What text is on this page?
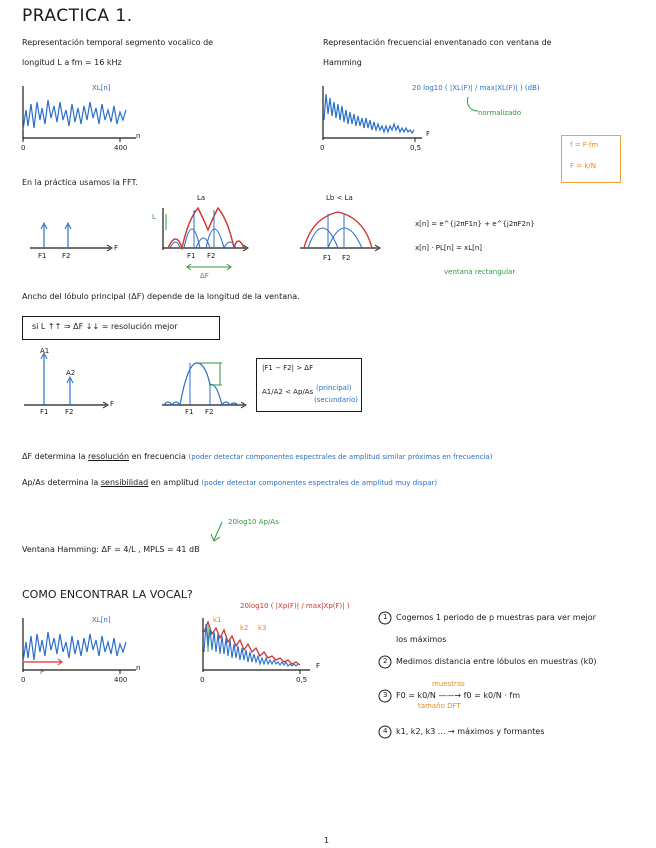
PRACTICA 1.
Representación temporal segmento vocalico de
longitud L a fm = 16 kHz
Representación frecuencial enventanado con ventana de
Hamming
XL[n]
n
0	400
F
0	0,5
20 log10 ( |XL(F)| / max|XL(F)| ) (dB)
normalizado
f = F·fm
F = k/N
En la práctica usamos la FFT.
F1 F2
F
La
L
F1 F2
ΔF
Lb < La
F1 F2
x[n] = e^{j2πF1n} + e^{j2πF2n}
x[n] · PL[n] = xL[n]
ventana rectangular
Ancho del lóbulo principal (ΔF) depende de la longitud de la ventana.
si L ↑↑ ⇒ ΔF ↓↓ = resolución mejor
A1
A2
F1 F2
F
F1 F2
|F1 − F2| > ΔF
A1/A2 < Ap/As (principal)
(secundario)
ΔF determina la resolución en frecuencia (poder detectar componentes espectrales de amplitud similar próximas en frecuencia)
Ap/As determina la sensibilidad en amplitud (poder detectar componentes espectrales de amplitud muy dispar)
20log10 Ap/As
Ventana Hamming: ΔF = 4/L , MPLS = 41 dB
COMO ENCONTRAR LA VOCAL?
XL[n]
P	n
0	400
20log10 ( |Xp(F)| / max|Xp(F)| )
k1
k2 k3
F
0	0,5
1 Cogemos 1 periodo de p muestras para ver mejor
los máximos
2 Medimos distancia entre lóbulos en muestras (k0)
3 F0 = k0/N ——→ f0 = k0/N · fm
muestras
tamaño DFT
4 k1, k2, k3 ... → máximos y formantes
1
